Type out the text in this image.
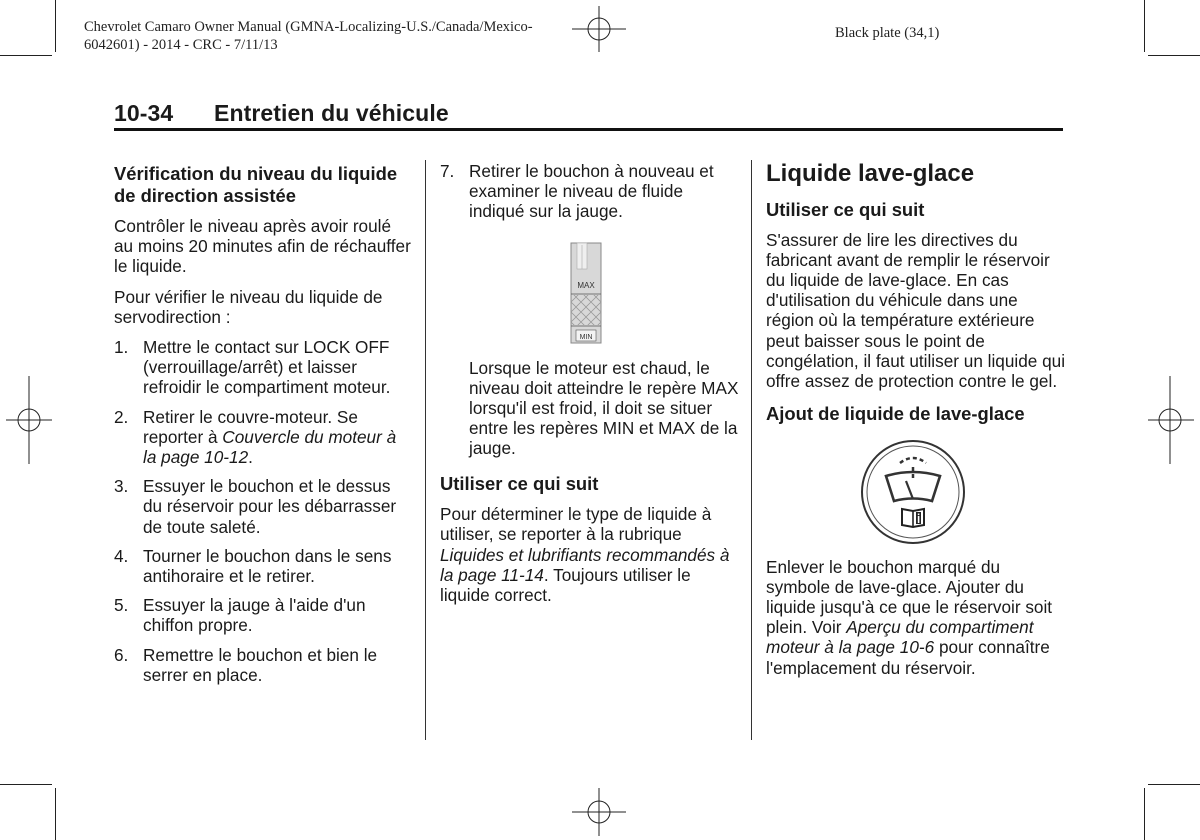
Chevrolet Camaro Owner Manual (GMNA-Localizing-U.S./Canada/Mexico-
6042601) - 2014 - CRC - 7/11/13
Black plate (34,1)
10-34 Entretien du véhicule
Vérification du niveau du liquide de direction assistée

Contrôler le niveau après avoir roulé au moins 20 minutes afin de réchauffer le liquide.

Pour vérifier le niveau du liquide de servodirection :

1. Mettre le contact sur LOCK OFF (verrouillage/arrêt) et laisser refroidir le compartiment moteur.
2. Retirer le couvre-moteur. Se reporter à Couvercle du moteur à la page 10-12.
3. Essuyer le bouchon et le dessus du réservoir pour les débarrasser de toute saleté.
4. Tourner le bouchon dans le sens antihoraire et le retirer.
5. Essuyer la jauge à l'aide d'un chiffon propre.
6. Remettre le bouchon et bien le serrer en place.
7. Retirer le bouchon à nouveau et examiner le niveau de fluide indiqué sur la jauge.
MAX
MIN

Lorsque le moteur est chaud, le niveau doit atteindre le repère MAX lorsqu'il est froid, il doit se situer entre les repères MIN et MAX de la jauge.

Utiliser ce qui suit

Pour déterminer le type de liquide à utiliser, se reporter à la rubrique Liquides et lubrifiants recommandés à la page 11-14. Toujours utiliser le liquide correct.

Liquide lave-glace
Utiliser ce qui suit

S'assurer de lire les directives du fabricant avant de remplir le réservoir du liquide de lave-glace. En cas d'utilisation du véhicule dans une région où la température extérieure peut baisser sous le point de congélation, il faut utiliser un liquide qui offre assez de protection contre le gel.

Ajout de liquide de lave-glace

Enlever le bouchon marqué du symbole de lave-glace. Ajouter du liquide jusqu'à ce que le réservoir soit plein. Voir Aperçu du compartiment moteur à la page 10-6 pour connaître l'emplacement du réservoir.
